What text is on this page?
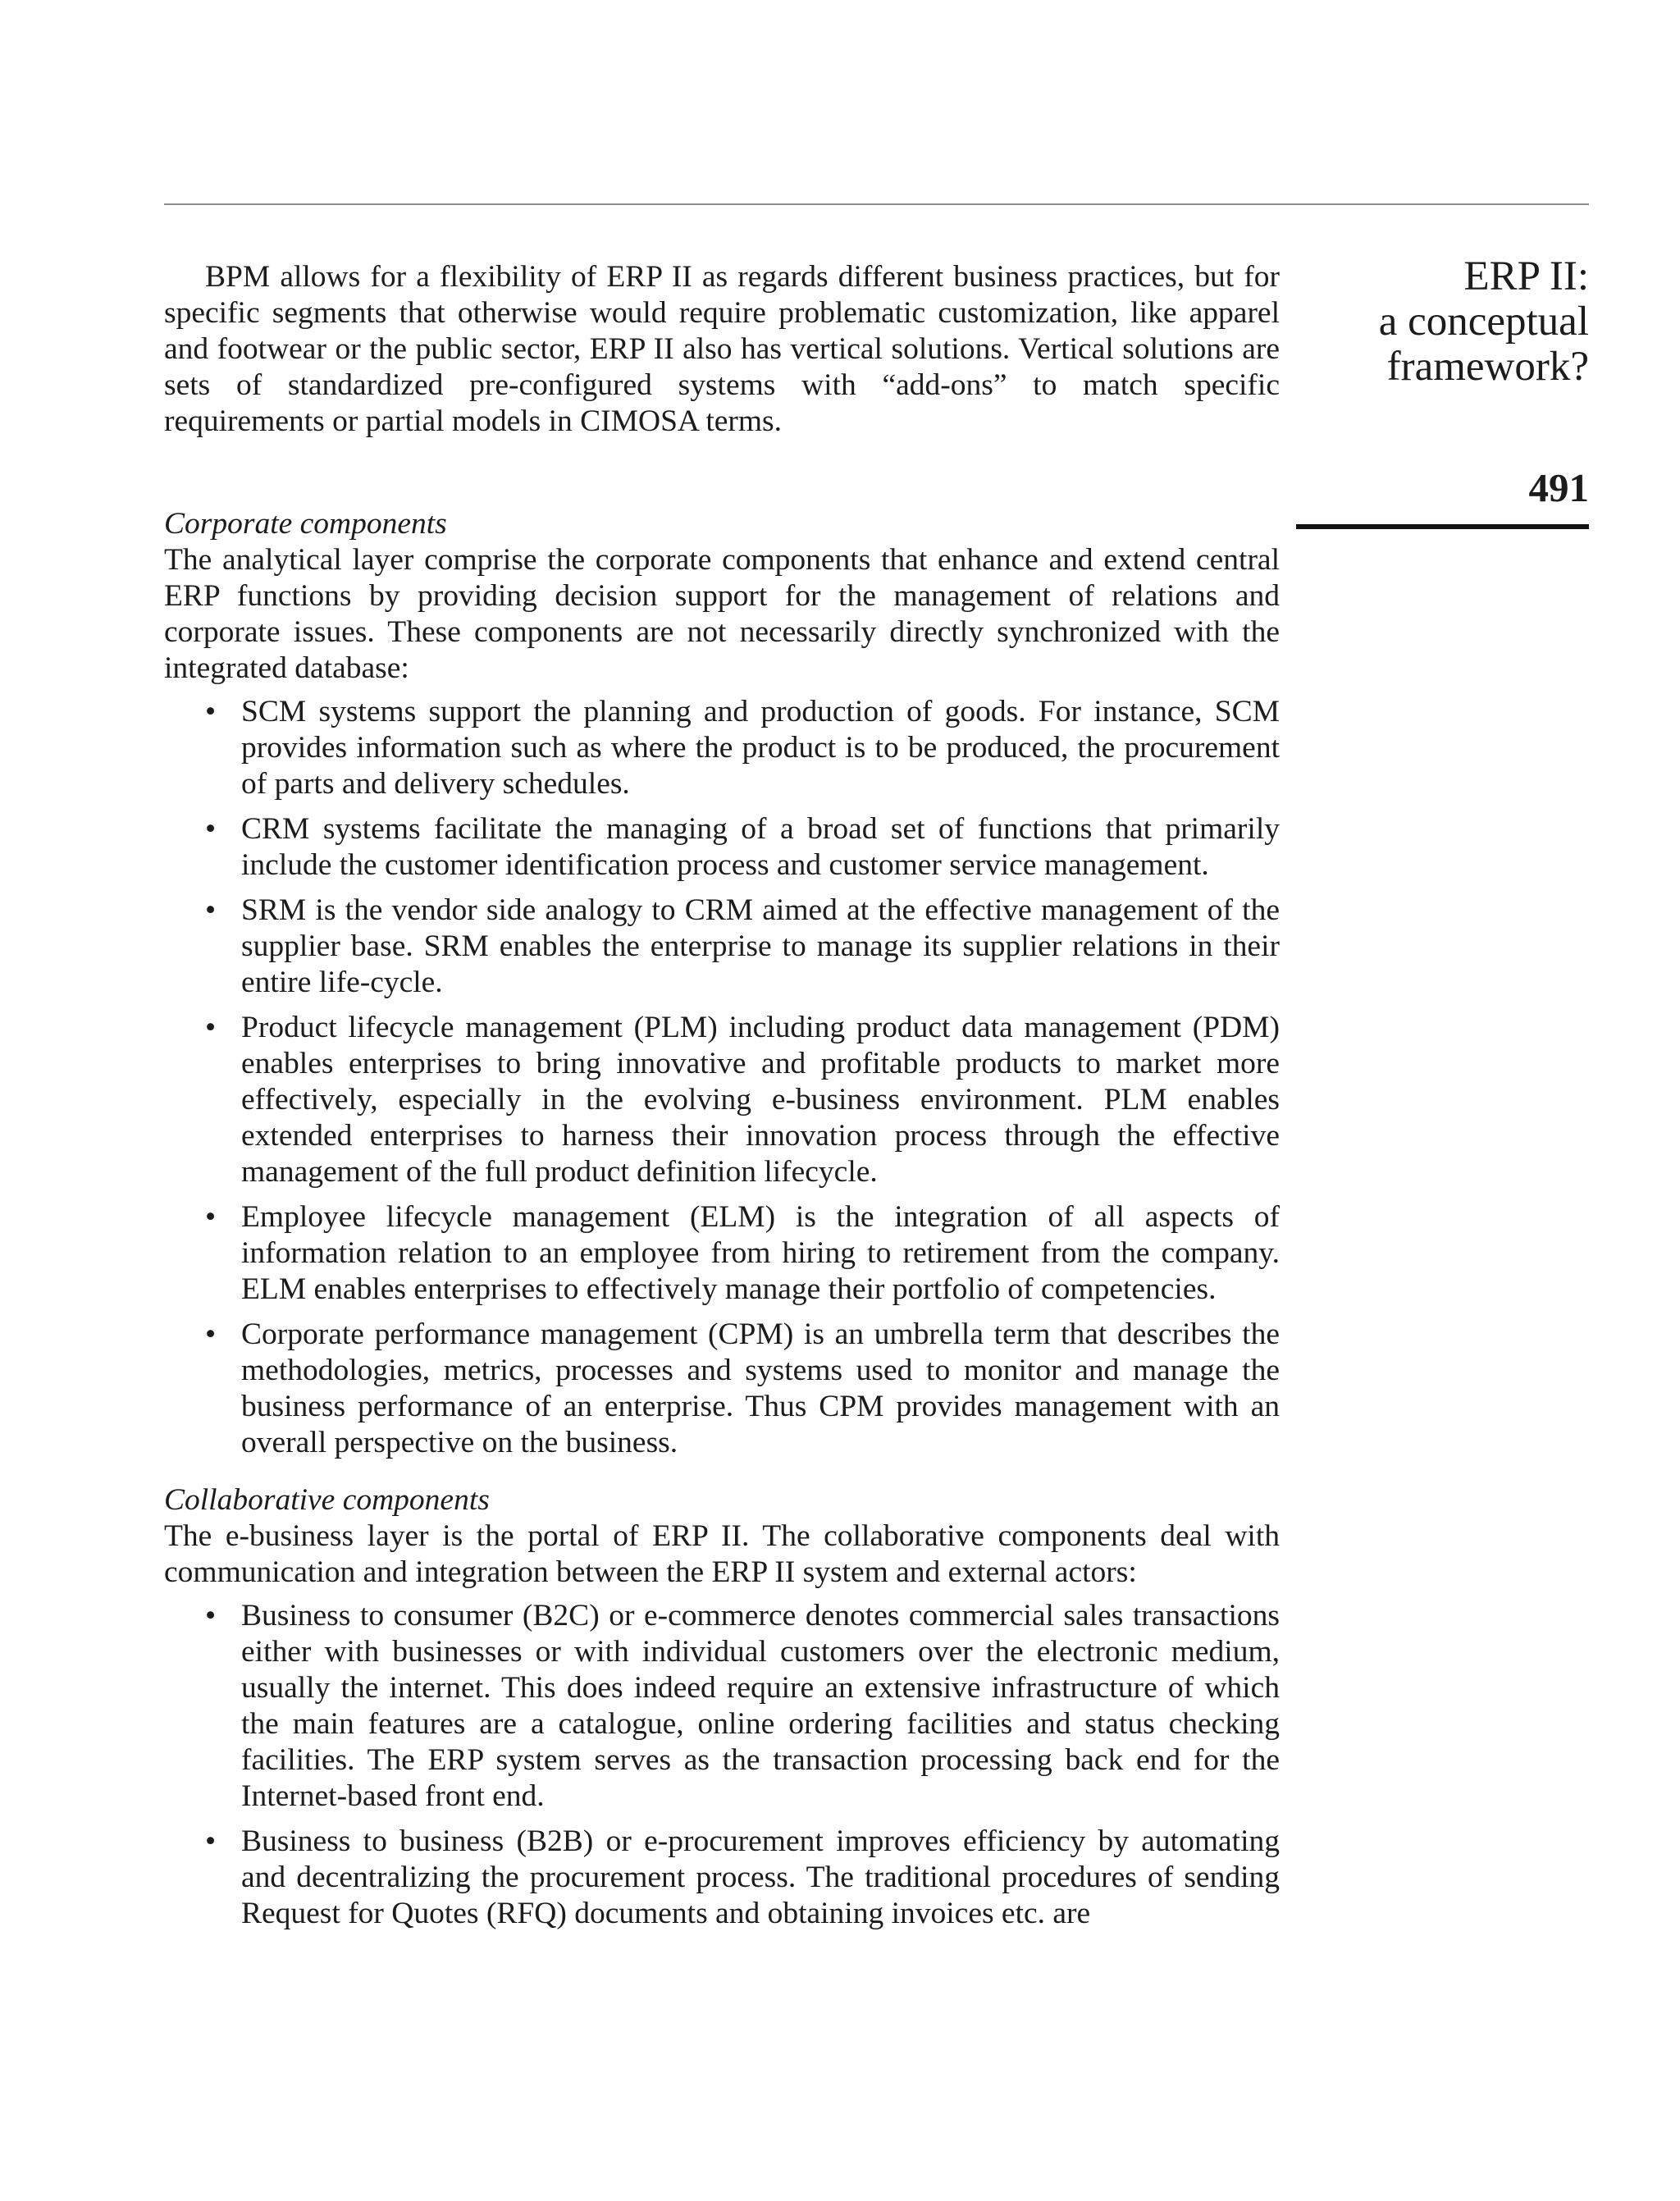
ERP II:
a conceptual
framework?
491

BPM allows for a flexibility of ERP II as regards different business practices, but for specific segments that otherwise would require problematic customization, like apparel and footwear or the public sector, ERP II also has vertical solutions. Vertical solutions are sets of standardized pre-configured systems with “add-ons” to match specific requirements or partial models in CIMOSA terms.

Corporate components

The analytical layer comprise the corporate components that enhance and extend central ERP functions by providing decision support for the management of relations and corporate issues. These components are not necessarily directly synchronized with the integrated database:

• SCM systems support the planning and production of goods. For instance, SCM provides information such as where the product is to be produced, the procurement of parts and delivery schedules.
• CRM systems facilitate the managing of a broad set of functions that primarily include the customer identification process and customer service management.
• SRM is the vendor side analogy to CRM aimed at the effective management of the supplier base. SRM enables the enterprise to manage its supplier relations in their entire life-cycle.
• Product lifecycle management (PLM) including product data management (PDM) enables enterprises to bring innovative and profitable products to market more effectively, especially in the evolving e-business environment. PLM enables extended enterprises to harness their innovation process through the effective management of the full product definition lifecycle.
• Employee lifecycle management (ELM) is the integration of all aspects of information relation to an employee from hiring to retirement from the company. ELM enables enterprises to effectively manage their portfolio of competencies.
• Corporate performance management (CPM) is an umbrella term that describes the methodologies, metrics, processes and systems used to monitor and manage the business performance of an enterprise. Thus CPM provides management with an overall perspective on the business.
Collaborative components

The e-business layer is the portal of ERP II. The collaborative components deal with communication and integration between the ERP II system and external actors:

• Business to consumer (B2C) or e-commerce denotes commercial sales transactions either with businesses or with individual customers over the electronic medium, usually the internet. This does indeed require an extensive infrastructure of which the main features are a catalogue, online ordering facilities and status checking facilities. The ERP system serves as the transaction processing back end for the Internet-based front end.
• Business to business (B2B) or e-procurement improves efficiency by automating and decentralizing the procurement process. The traditional procedures of sending Request for Quotes (RFQ) documents and obtaining invoices etc. are
